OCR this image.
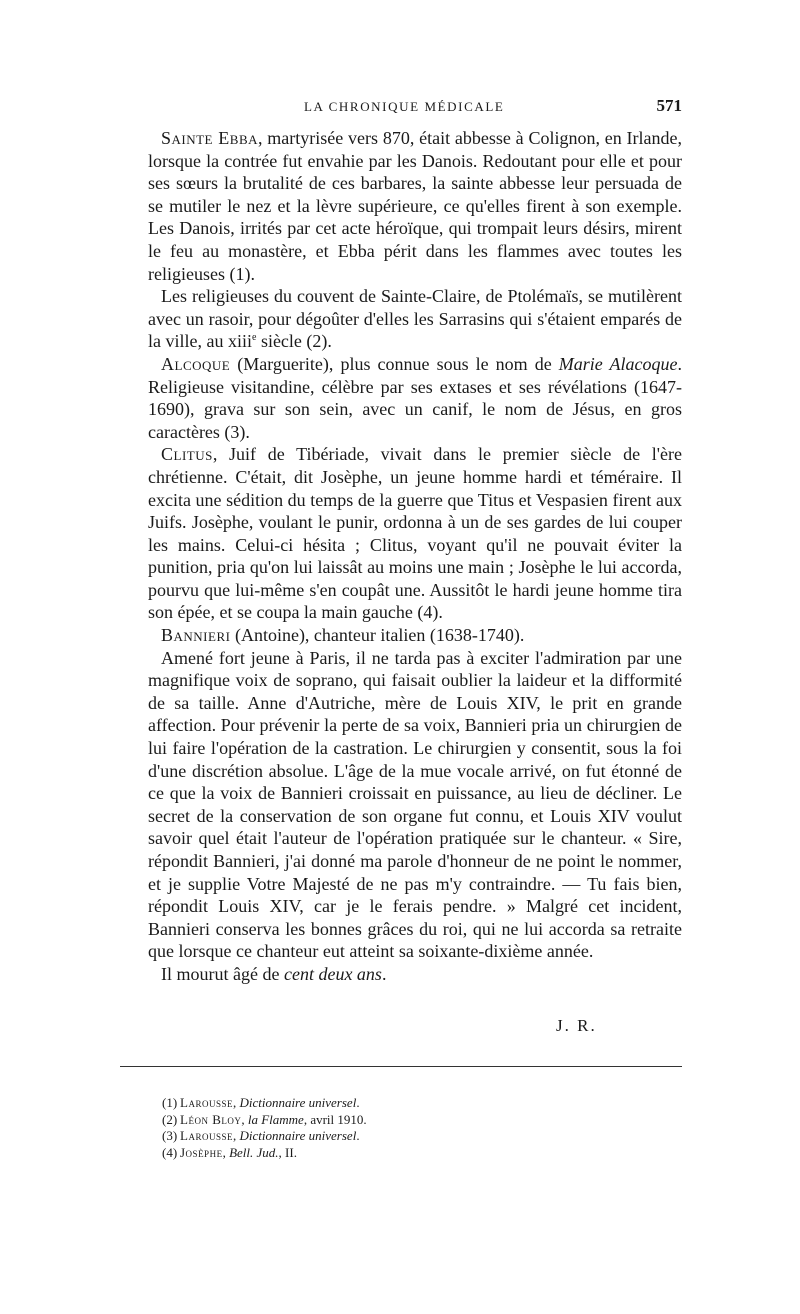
LA CHRONIQUE MÉDICALE	571

Sainte Ebba, martyrisée vers 870, était abbesse à Colignon, en Irlande, lorsque la contrée fut envahie par les Danois. Redoutant pour elle et pour ses sœurs la brutalité de ces barbares, la sainte abbesse leur persuada de se mutiler le nez et la lèvre supérieure, ce qu'elles firent à son exemple. Les Danois, irrités par cet acte héroïque, qui trompait leurs désirs, mirent le feu au monastère, et Ebba périt dans les flammes avec toutes les religieuses (1).

Les religieuses du couvent de Sainte-Claire, de Ptolémaïs, se mutilèrent avec un rasoir, pour dégoûter d'elles les Sarrasins qui s'étaient emparés de la ville, au xiii$^e$ siècle (2).

Alcoque (Marguerite), plus connue sous le nom de Marie Alacoque. Religieuse visitandine, célèbre par ses extases et ses révélations (1647-1690), grava sur son sein, avec un canif, le nom de Jésus, en gros caractères (3).

Clitus, Juif de Tibériade, vivait dans le premier siècle de l'ère chrétienne. C'était, dit Josèphe, un jeune homme hardi et téméraire. Il excita une sédition du temps de la guerre que Titus et Vespasien firent aux Juifs. Josèphe, voulant le punir, ordonna à un de ses gardes de lui couper les mains. Celui-ci hésita ; Clitus, voyant qu'il ne pouvait éviter la punition, pria qu'on lui laissât au moins une main ; Josèphe le lui accorda, pourvu que lui-même s'en coupât une. Aussitôt le hardi jeune homme tira son épée, et se coupa la main gauche (4).

Bannieri (Antoine), chanteur italien (1638-1740).

Amené fort jeune à Paris, il ne tarda pas à exciter l'admiration par une magnifique voix de soprano, qui faisait oublier la laideur et la difformité de sa taille. Anne d'Autriche, mère de Louis XIV, le prit en grande affection. Pour prévenir la perte de sa voix, Bannieri pria un chirurgien de lui faire l'opération de la castration. Le chirurgien y consentit, sous la foi d'une discrétion absolue. L'âge de la mue vocale arrivé, on fut étonné de ce que la voix de Bannieri croissait en puissance, au lieu de décliner. Le secret de la conservation de son organe fut connu, et Louis XIV voulut savoir quel était l'auteur de l'opération pratiquée sur le chanteur. « Sire, répondit Bannieri, j'ai donné ma parole d'honneur de ne point le nommer, et je supplie Votre Majesté de ne pas m'y contraindre. — Tu fais bien, répondit Louis XIV, car je le ferais pendre. » Malgré cet incident, Bannieri conserva les bonnes grâces du roi, qui ne lui accorda sa retraite que lorsque ce chanteur eut atteint sa soixante-dixième année.

Il mourut âgé de cent deux ans.

J. R.
(1) Larousse, Dictionnaire universel.
(2) Léon Bloy, la Flamme, avril 1910.
(3) Larousse, Dictionnaire universel.
(4) Josèphe, Bell. Jud., II.
